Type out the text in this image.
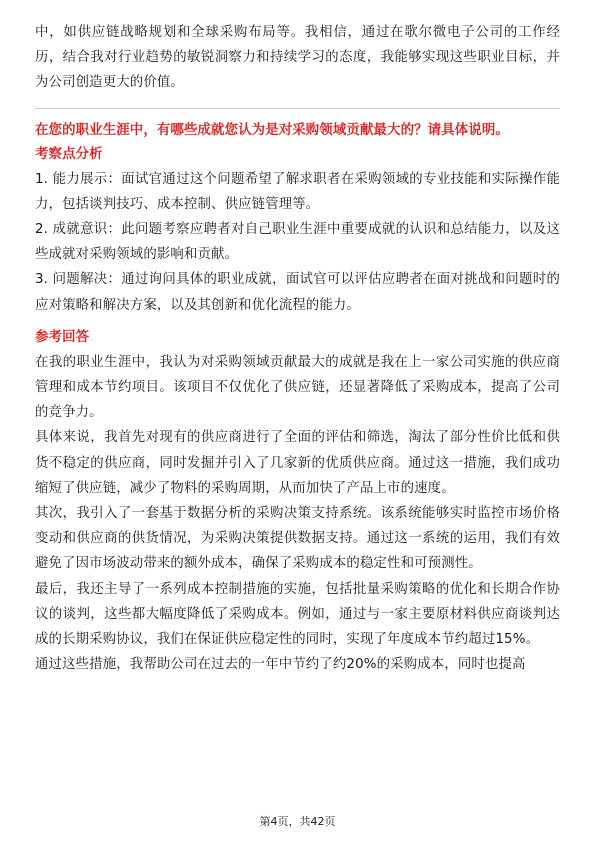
中，如供应链战略规划和全球采购布局等。我相信，通过在歌尔微电子公司的工作经历，结合我对行业趋势的敏锐洞察力和持续学习的态度，我能够实现这些职业目标，并为公司创造更大的价值。

在您的职业生涯中，有哪些成就您认为是对采购领域贡献最大的？请具体说明。

考察点分析

1. 能力展示：面试官通过这个问题希望了解求职者在采购领域的专业技能和实际操作能力，包括谈判技巧、成本控制、供应链管理等。

2. 成就意识：此问题考察应聘者对自己职业生涯中重要成就的认识和总结能力，以及这些成就对采购领域的影响和贡献。

3. 问题解决：通过询问具体的职业成就，面试官可以评估应聘者在面对挑战和问题时的应对策略和解决方案，以及其创新和优化流程的能力。

参考回答

在我的职业生涯中，我认为对采购领域贡献最大的成就是我在上一家公司实施的供应商管理和成本节约项目。该项目不仅优化了供应链，还显著降低了采购成本，提高了公司的竞争力。

具体来说，我首先对现有的供应商进行了全面的评估和筛选，淘汰了部分性价比低和供货不稳定的供应商，同时发掘并引入了几家新的优质供应商。通过这一措施，我们成功缩短了供应链，减少了物料的采购周期，从而加快了产品上市的速度。

其次，我引入了一套基于数据分析的采购决策支持系统。该系统能够实时监控市场价格变动和供应商的供货情况，为采购决策提供数据支持。通过这一系统的运用，我们有效避免了因市场波动带来的额外成本，确保了采购成本的稳定性和可预测性。

最后，我还主导了一系列成本控制措施的实施，包括批量采购策略的优化和长期合作协议的谈判，这些都大幅度降低了采购成本。例如，通过与一家主要原材料供应商谈判达成的长期采购协议，我们在保证供应稳定性的同时，实现了年度成本节约超过15%。

通过这些措施，我帮助公司在过去的一年中节约了约20%的采购成本，同时也提高

第4页，共42页
